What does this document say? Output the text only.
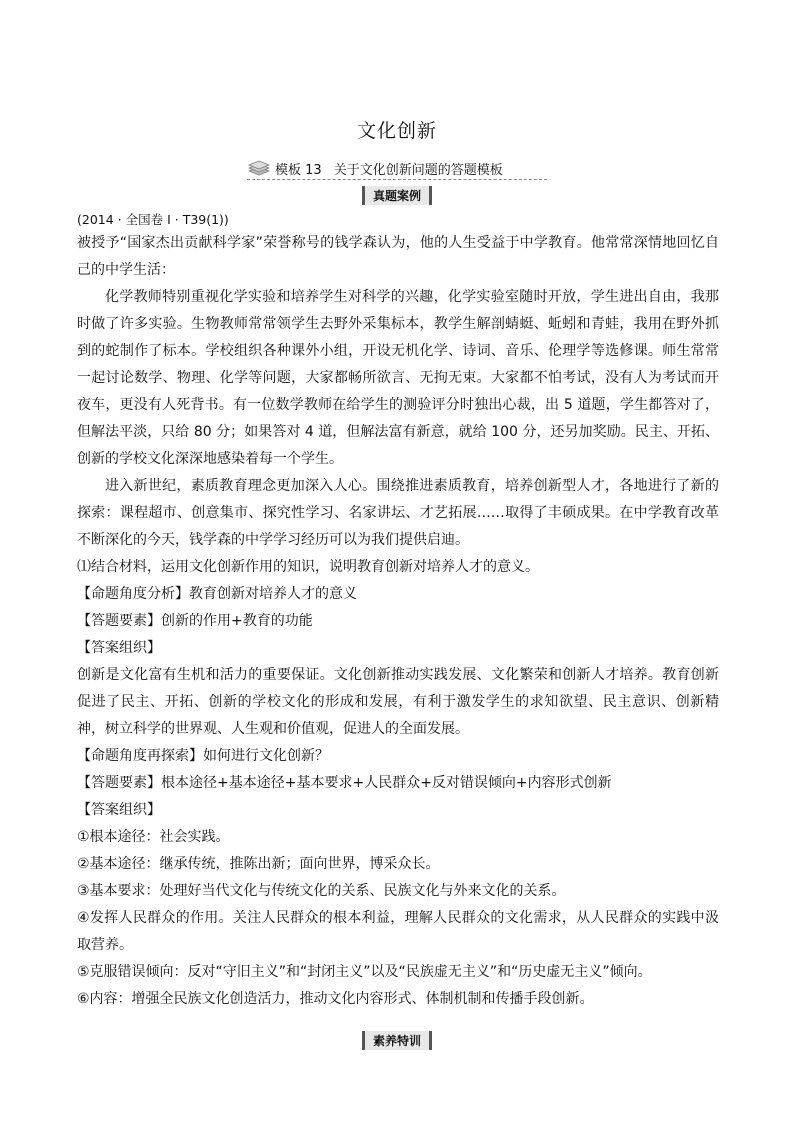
文化创新
模板 13 关于文化创新问题的答题模板
真题案例

(2014 · 全国卷 I · T39(1))

被授予“国家杰出贡献科学家”荣誉称号的钱学森认为，他的人生受益于中学教育。他常常深情地回忆自己的中学生活：

化学教师特别重视化学实验和培养学生对科学的兴趣，化学实验室随时开放，学生进出自由，我那时做了许多实验。生物教师常常领学生去野外采集标本，教学生解剖蜻蜓、蚯蚓和青蛙，我用在野外抓到的蛇制作了标本。学校组织各种课外小组，开设无机化学、诗词、音乐、伦理学等选修课。师生常常一起讨论数学、物理、化学等问题，大家都畅所欲言、无拘无束。大家都不怕考试，没有人为考试而开夜车，更没有人死背书。有一位数学教师在给学生的测验评分时独出心裁，出 5 道题，学生都答对了，但解法平淡，只给 80 分；如果答对 4 道，但解法富有新意，就给 100 分，还另加奖励。民主、开拓、创新的学校文化深深地感染着每一个学生。

进入新世纪，素质教育理念更加深入人心。围绕推进素质教育，培养创新型人才，各地进行了新的探索：课程超市、创意集市、探究性学习、名家讲坛、才艺拓展……取得了丰硕成果。在中学教育改革不断深化的今天，钱学森的中学学习经历可以为我们提供启迪。

⑴结合材料，运用文化创新作用的知识，说明教育创新对培养人才的意义。

【命题角度分析】教育创新对培养人才的意义

【答题要素】创新的作用+教育的功能

【答案组织】

创新是文化富有生机和活力的重要保证。文化创新推动实践发展、文化繁荣和创新人才培养。教育创新促进了民主、开拓、创新的学校文化的形成和发展，有利于激发学生的求知欲望、民主意识、创新精神，树立科学的世界观、人生观和价值观，促进人的全面发展。

【命题角度再探索】如何进行文化创新？

【答题要素】根本途径+基本途径+基本要求+人民群众+反对错误倾向+内容形式创新

【答案组织】

①根本途径：社会实践。

②基本途径：继承传统，推陈出新；面向世界，博采众长。

③基本要求：处理好当代文化与传统文化的关系、民族文化与外来文化的关系。

④发挥人民群众的作用。关注人民群众的根本利益，理解人民群众的文化需求，从人民群众的实践中汲取营养。

⑤克服错误倾向：反对“守旧主义”和“封闭主义”以及“民族虚无主义”和“历史虚无主义”倾向。

⑥内容：增强全民族文化创造活力，推动文化内容形式、体制机制和传播手段创新。

素养特训
